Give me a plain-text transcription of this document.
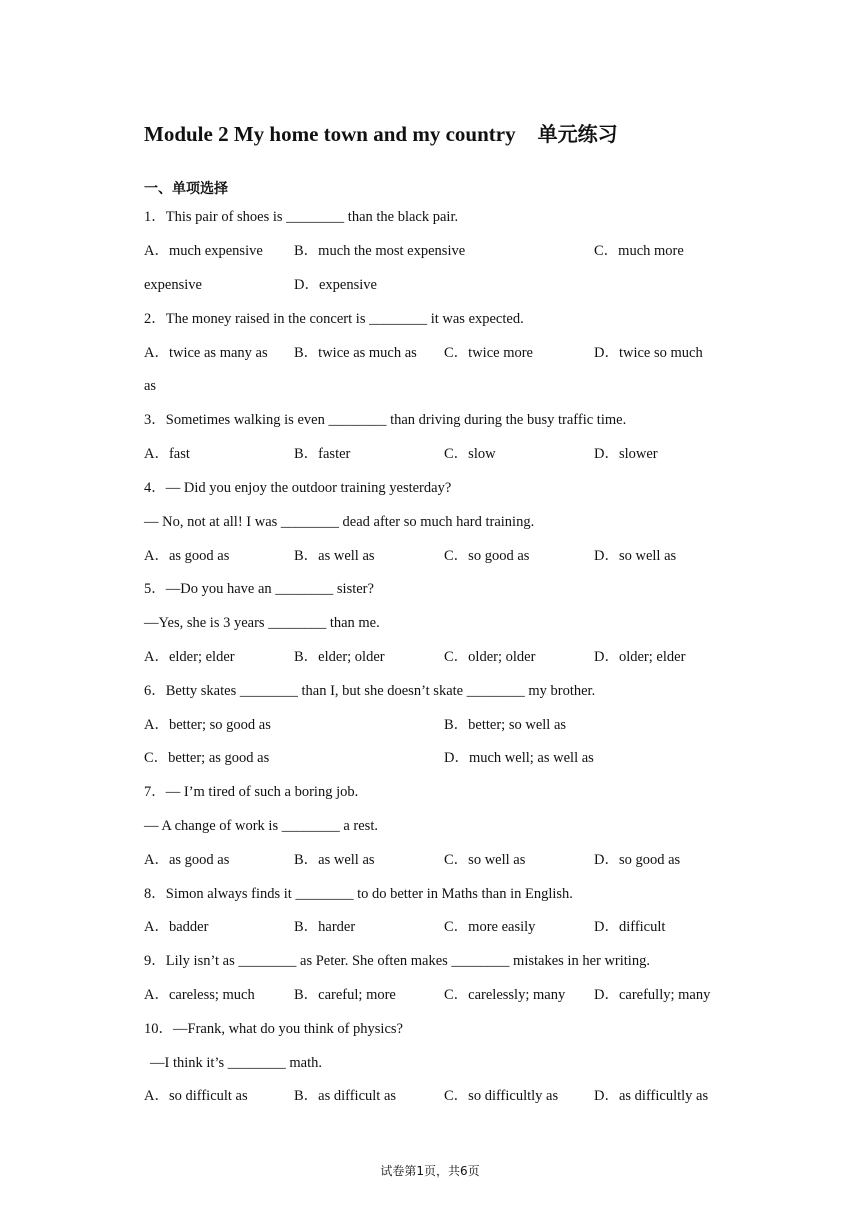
Module 2 My home town and my country 单元练习
一、单项选择
1．This pair of shoes is ________ than the black pair.
A．much expensive B．much the most expensive	C．much more
expensive	D．expensive
2．The money raised in the concert is ________ it was expected.
A．twice as many as B．twice as much as C．twice more	D．twice so much
as
3．Sometimes walking is even ________ than driving during the busy traffic time.
A．fast	B．faster	C．slow	D．slower
4．— Did you enjoy the outdoor training yesterday?
— No, not at all! I was ________ dead after so much hard training.
A．as good as	B．as well as	C．so good as	D．so well as
5．—Do you have an ________ sister?
—Yes, she is 3 years ________ than me.
A．elder; elder	B．elder; older	C．older; older	D．older; elder
6．Betty skates ________ than I, but she doesn’t skate ________ my brother.
A．better; so good as	B．better; so well as
C．better; as good as	D．much well; as well as
7．— I’m tired of such a boring job.
— A change of work is ________ a rest.
A．as good as	B．as well as	C．so well as	D．so good as
8．Simon always finds it ________ to do better in Maths than in English.
A．badder	B．harder	C．more easily	D．difficult
9．Lily isn’t as ________ as Peter. She often makes ________ mistakes in her writing.
A．careless; much	B．careful; more	C．carelessly; many D．carefully; many
10．—Frank, what do you think of physics?
—I think it’s ________ math.
A．so difficult as	B．as difficult as	C．so difficultly as D．as difficultly as
试卷第1页，共6页
